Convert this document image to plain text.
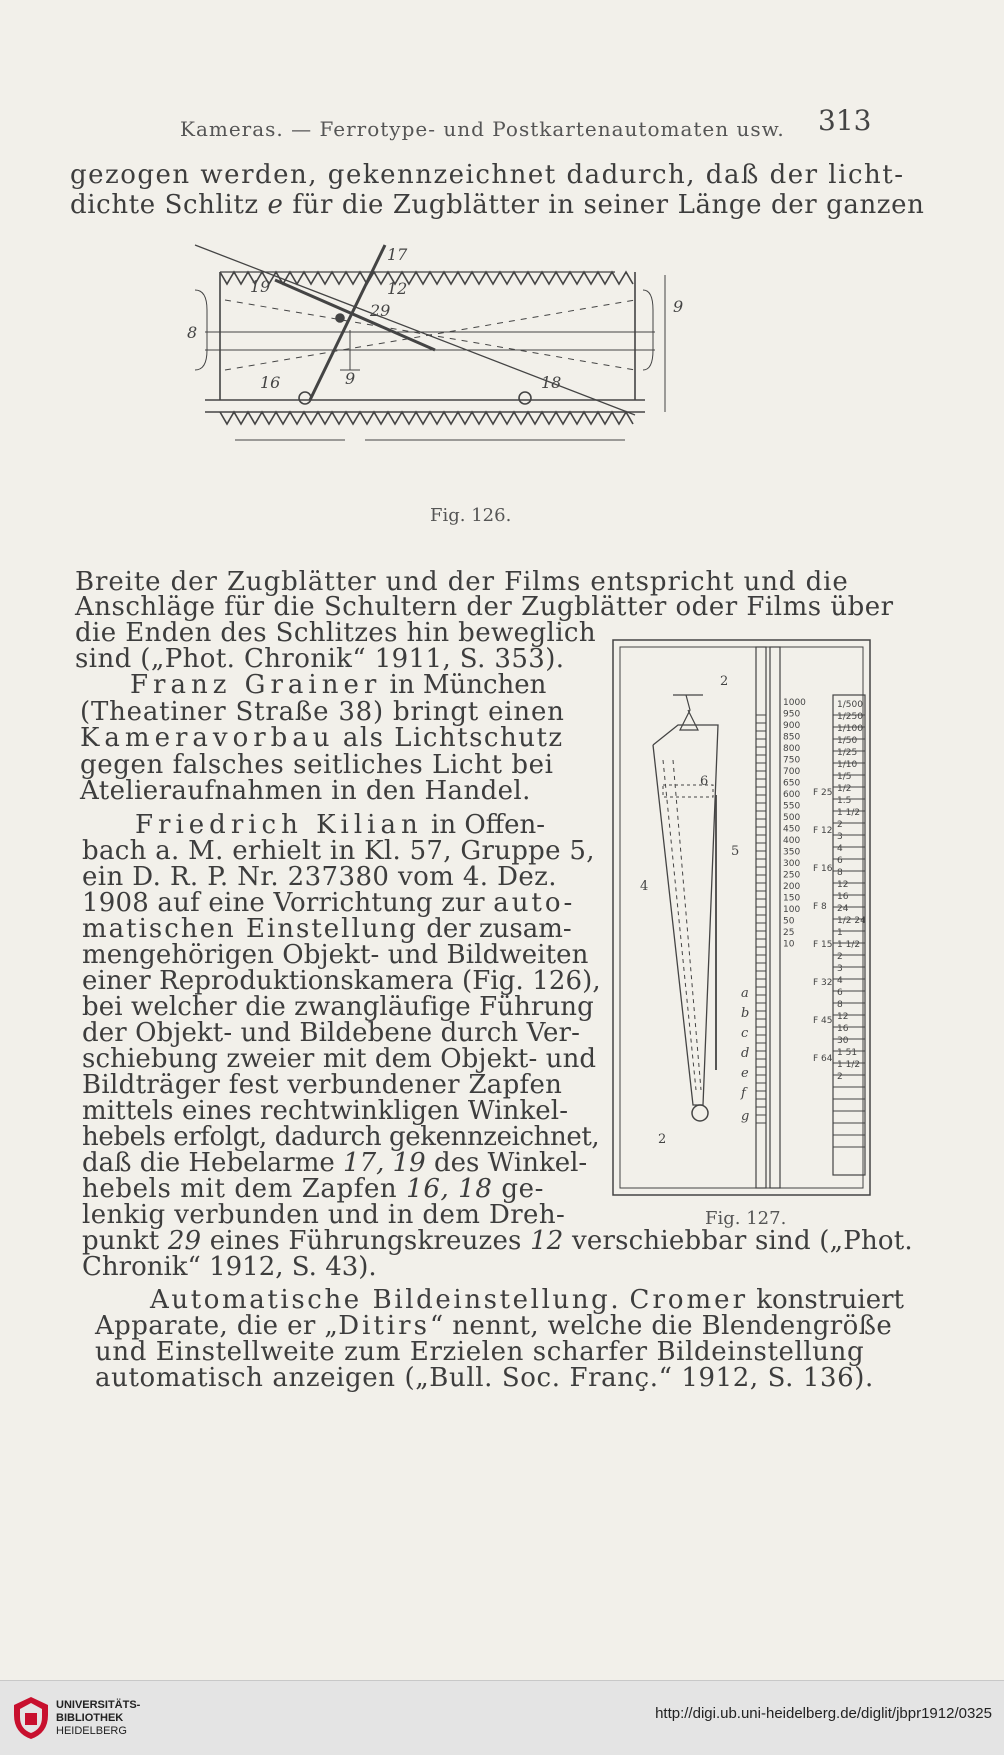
Kameras. — Ferrotype- und Postkartenautomaten usw. 313
gezogen werden, gekennzeichnet dadurch, daß der licht-
dichte Schlitz e für die Zugblätter in seiner Länge der ganzen
17
12
19
29
8
9
9
16	18
Fig. 126.
Breite der Zugblätter und der Films entspricht und die
Anschläge für die Schultern der Zugblätter oder Films über
die Enden des Schlitzes hin beweglich
sind („Phot. Chronik“ 1911, S. 353).
Franz Grainer in München
(Theatiner Straße 38) bringt einen
Kameravorbau als Lichtschutz
gegen falsches seitliches Licht bei
Atelieraufnahmen in den Handel.
Friedrich Kilian in Offen-
bach a. M. erhielt in Kl. 57, Gruppe 5,
ein D. R. P. Nr. 237380 vom 4. Dez.
1908 auf eine Vorrichtung zur auto-
matischen Einstellung der zusam-
mengehörigen Objekt- und Bildweiten
einer Reproduktionskamera (Fig. 126),
bei welcher die zwangläufige Führung
der Objekt- und Bildebene durch Ver-
schiebung zweier mit dem Objekt- und
Bildträger fest verbundener Zapfen
mittels eines rechtwinkligen Winkel-
hebels erfolgt, dadurch gekennzeichnet,
daß die Hebelarme 17, 19 des Winkel-
hebels mit dem Zapfen 16, 18 ge-
lenkig verbunden und in dem Dreh-
punkt 29 eines Führungskreuzes 12 verschiebbar sind („Phot.
Chronik“ 1912, S. 43).
Automatische Bildeinstellung. Cromer konstruiert
Apparate, die er „Ditirs“ nennt, welche die Blendengröße
und Einstellweite zum Erzielen scharfer Bildeinstellung
automatisch anzeigen („Bull. Soc. Franç.“ 1912, S. 136).
1000
950
900
850
800
750
700
650
600
550
500
450
400
350
300
250
200
150
100
50
25
10
1/500
1/250
1/100
1/50
1/25
1/10
1/5
1/2
1.5
1 1/2
2
3
4
6
8
12
16
24
1/2 24
1
1 1/2
2
3
4
6
8
12
16
30
1 51
1 1/2
2
F 25
F 12
F 16
F 8
F 15
F 32
F 45
F 64
2
6
5
4
a
b
c
d
e
f
g
2
Fig. 127.
UNIVERSITÄTS-
BIBLIOTHEK
HEIDELBERG
http://digi.ub.uni-heidelberg.de/diglit/jbpr1912/0325
